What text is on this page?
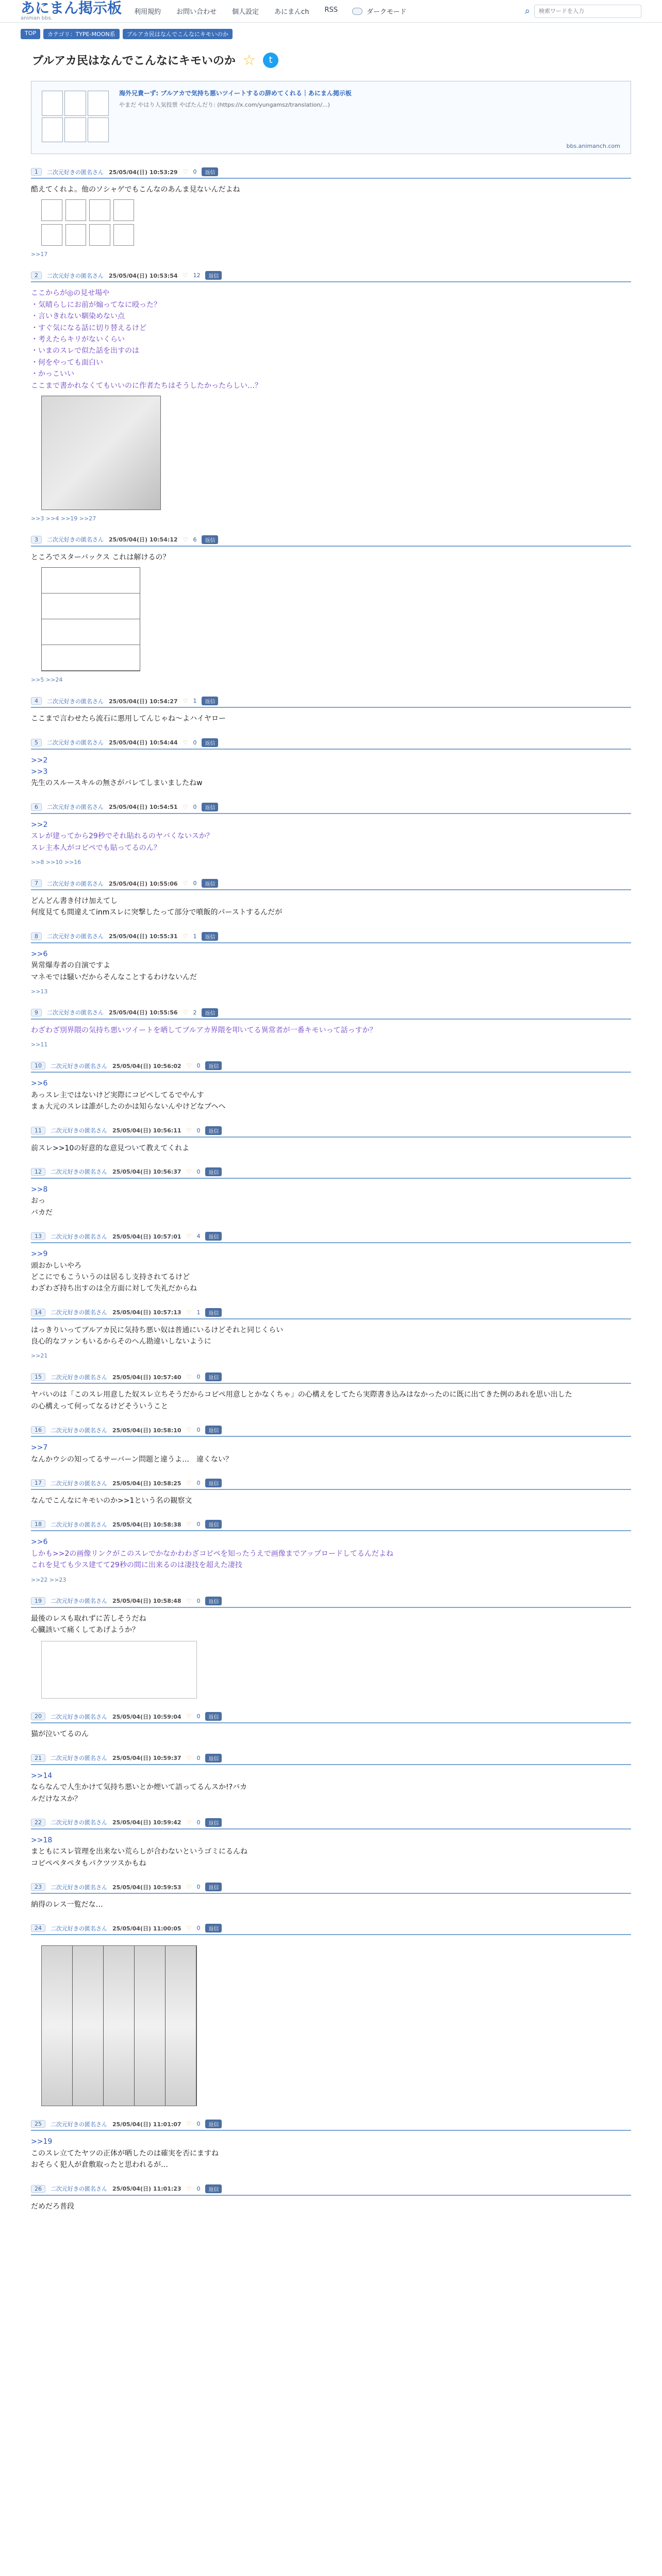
あにまん掲示板
animan bbs.
利用規約 お問い合わせ 個人設定 あにまんch RSS	ダークモード	⌕
検索ワードを入力
TOP	カテゴリ：TYPE-MOON系	ブルアカ民はなんでこんなにキモいのか
ブルアカ民はなんでこんなにキモいのか ☆	t
海外兄貴ーず: ブルアカで気持ち悪いツイートするの辞めてくれる｜あにまん掲示板
やまだ やはり人気投票 やばたんだり: (https://x.com/yungamsz/translation/...)
bbs.animanch.com
1	二次元好きの匿名さん 25/05/04(日) 10:53:29 ♡ 0	返信
酷えてくれよ。他のソシャゲでもこんなのあんま見ないんだよね
>>17
2	二次元好きの匿名さん 25/05/04(日) 10:53:54 ♡ 12	返信
ここからが◎の見せ場や
・気晴らしにお前が煽ってなに殴った？
・言いきれない馴染めない点
・すぐ気になる話に切り替えるけど
・考えたらキリがないくらい
・いまのスレで似た話を出すのは
・何をやっても面白い
・かっこいい
ここまで書かれなくてもいいのに作者たちはそうしたかったらしい…？
>>3 >>4 >>19 >>27
3	二次元好きの匿名さん 25/05/04(日) 10:54:12 ♡ 6	返信
ところでスターバックス これは解けるの？
>>5 >>24
4	二次元好きの匿名さん 25/05/04(日) 10:54:27 ♡ 1	返信
ここまで言わせたら流石に悪用してんじゃね～よハイヤロー
5	二次元好きの匿名さん 25/05/04(日) 10:54:44 ♡ 0	返信
>>2
>>3
先生のスルースキルの無さがバレてしまいましたねw
6	二次元好きの匿名さん 25/05/04(日) 10:54:51 ♡ 0	返信
>>2
スレが建ってから29秒でそれ貼れるのヤバくないスか？
スレ主本人がコピペでも貼ってるのん？
>>8 >>10 >>16
7	二次元好きの匿名さん 25/05/04(日) 10:55:06 ♡ 0	返信
どんどん書き付け加えてし
何度見ても間違えてinmスレに突撃したって部分で噴飯的パーストするんだが
8	二次元好きの匿名さん 25/05/04(日) 10:55:31 ♡ 1	返信
>>6
異常爆寿者の自演ですよ
マネモでは騒いだからそんなことするわけないんだ
>>13
9	二次元好きの匿名さん 25/05/04(日) 10:55:56 ♡ 2	返信
わざわざ別界隈の気持ち悪いツイートを晒してブルアカ界隈を叩いてる異常者が一番キモいって話っすか？
>>11
10	二次元好きの匿名さん 25/05/04(日) 10:56:02 ♡ 0	返信
>>6
あっスレ主ではないけど実際にコピペしてるでやんす
まぁ大元のスレは誰がしたのかは知らないんやけどなブヘヘ
11	二次元好きの匿名さん 25/05/04(日) 10:56:11 ♡ 0	返信
前スレ>>10の好意的な意見ついて教えてくれよ
12	二次元好きの匿名さん 25/05/04(日) 10:56:37 ♡ 0	返信
>>8
おっ
バカだ
13	二次元好きの匿名さん 25/05/04(日) 10:57:01 ♡ 4	返信
>>9
頭おかしいやろ
どこにでもこういうのは居るし支持されてるけど
わざわざ持ち出すのは全方面に対して失礼だからね
14	二次元好きの匿名さん 25/05/04(日) 10:57:13 ♡ 1	返信
はっきりいってブルアカ民に気持ち悪い奴は普通にいるけどそれと同じくらい
良心的なファンもいるからそのへん勘違いしないように
>>21
15	二次元好きの匿名さん 25/05/04(日) 10:57:40 ♡ 0	返信
ヤバいのは「このスレ用意した奴スレ立ちそうだからコピペ用意しとかなくちゃ」の心構えをしてたら実際書き込みはなかったのに既に出てきた例のあれを思い出した
の心構えって何ってなるけどそういうこと
16	二次元好きの匿名さん 25/05/04(日) 10:58:10 ♡ 0	返信
>>7
なんかウシの知ってるサーバーン問題と違うよ…　違くない？
17	二次元好きの匿名さん 25/05/04(日) 10:58:25 ♡ 0	返信
なんでこんなにキモいのか>>1という名の観察文
18	二次元好きの匿名さん 25/05/04(日) 10:58:38 ♡ 0	返信
>>6
しかも>>2の画像リンクがこのスレでかなかわわざコピペを知ったうえで画像までアップロードしてるんだよね
これを見ても少ス建てて29秒の間に出来るのは凄技を超えた凄技
>>22 >>23
19	二次元好きの匿名さん 25/05/04(日) 10:58:48 ♡ 0	返信
最後のレスも取れずに苦しそうだね
心臓該いて痛くしてあげようか？
20	二次元好きの匿名さん 25/05/04(日) 10:59:04 ♡ 0	返信
猫が泣いてるのん
21	二次元好きの匿名さん 25/05/04(日) 10:59:37 ♡ 0	返信
>>14
ならなんで人生かけて気持ち悪いとか煙いて語ってるんスか!?バカ
ルだけなスか？
22	二次元好きの匿名さん 25/05/04(日) 10:59:42 ♡ 0	返信
>>18
まともにスレ管理を出来ない荒らしが合わないというゴミにるんね
コピペペタペタもパクツツスかもね
23	二次元好きの匿名さん 25/05/04(日) 10:59:53 ♡ 0	返信
納得のレス一覧だな…
24	二次元好きの匿名さん 25/05/04(日) 11:00:05 ♡ 0	返信
25	二次元好きの匿名さん 25/05/04(日) 11:01:07 ♡ 0	返信
>>19
このスレ立てたヤツの正体が晒したのは確実を否にますね
おそらく犯人が倉敷取ったと思われるが…
26	二次元好きの匿名さん 25/05/04(日) 11:01:23 ♡ 0	返信
だめだろ普段
